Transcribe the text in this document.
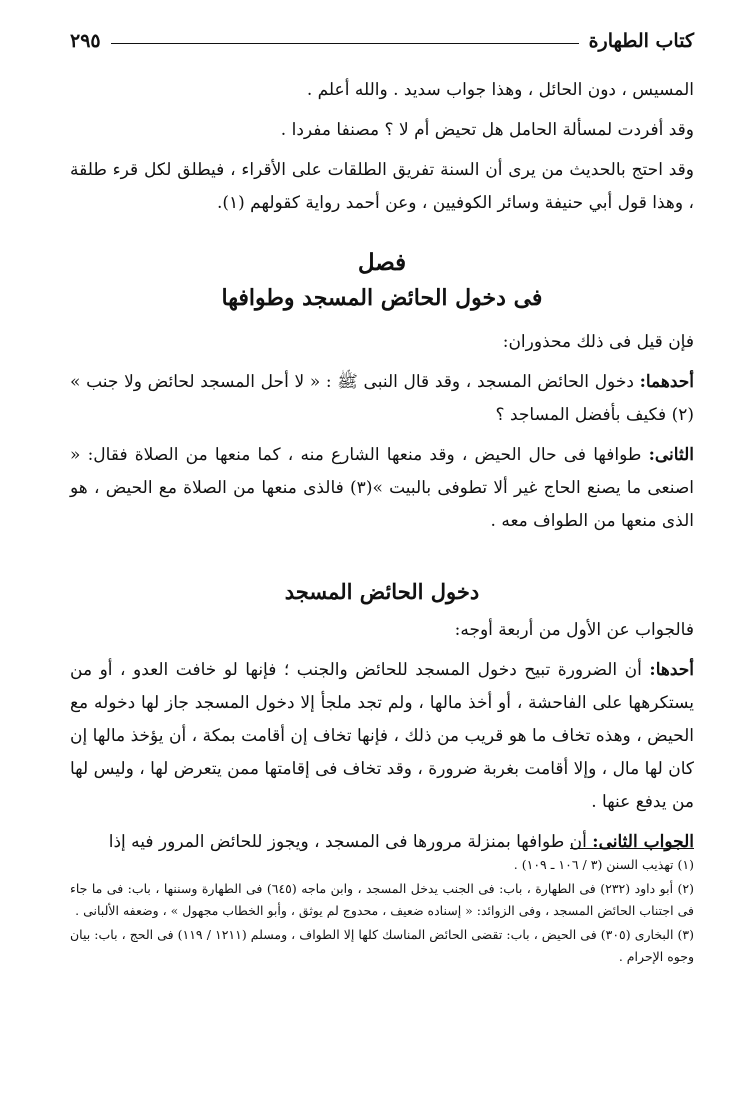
كتاب الطهارة
٢٩٥

المسيس ، دون الحائل ، وهذا جواب سديد . والله أعلم .

وقد أفردت لمسألة الحامل هل تحيض أم لا ؟ مصنفا مفردا .

وقد احتج بالحديث من يرى أن السنة تفريق الطلقات على الأقراء ، فيطلق لكل قرء طلقة ، وهذا قول أبي حنيفة وسائر الكوفيين ، وعن أحمد رواية كقولهم (١).

فصل
فى دخول الحائض المسجد وطوافها

فإن قيل فى ذلك محذوران:

أحدهما: دخول الحائض المسجد ، وقد قال النبى ﷺ : « لا أحل المسجد لحائض ولا جنب » (٢) فكيف بأفضل المساجد ؟

الثانى: طوافها فى حال الحيض ، وقد منعها الشارع منه ، كما منعها من الصلاة فقال: « اصنعى ما يصنع الحاج غير ألا تطوفى بالبيت »(٣) فالذى منعها من الصلاة مع الحيض ، هو الذى منعها من الطواف معه .

دخول الحائض المسجد

فالجواب عن الأول من أربعة أوجه:

أحدها: أن الضرورة تبيح دخول المسجد للحائض والجنب ؛ فإنها لو خافت العدو ، أو من يستكرهها على الفاحشة ، أو أخذ مالها ، ولم تجد ملجأ إلا دخول المسجد جاز لها دخوله مع الحيض ، وهذه تخاف ما هو قريب من ذلك ، فإنها تخاف إن أقامت بمكة ، أن يؤخذ مالها إن كان لها مال ، وإلا أقامت بغربة ضرورة ، وقد تخاف فى إقامتها ممن يتعرض لها ، وليس لها من يدفع عنها .

الجواب الثانى: أن طوافها بمنزلة مرورها فى المسجد ، ويجوز للحائض المرور فيه إذا

(١) تهذيب السنن (٣ / ١٠٦ ـ ١٠٩) .

(٢) أبو داود (٢٣٢) فى الطهارة ، باب: فى الجنب يدخل المسجد ، وابن ماجه (٦٤٥) فى الطهارة وسننها ، باب: فى ما جاء فى اجتناب الحائض المسجد ، وفى الزوائد: « إسناده ضعيف ، محدوج لم يوثق ، وأبو الخطاب مجهول » ، وضعفه الألبانى .

(٣) البخارى (٣٠٥) فى الحيض ، باب: تقضى الحائض المناسك كلها إلا الطواف ، ومسلم (١٢١١ / ١١٩) فى الحج ، باب: بيان وجوه الإحرام .
